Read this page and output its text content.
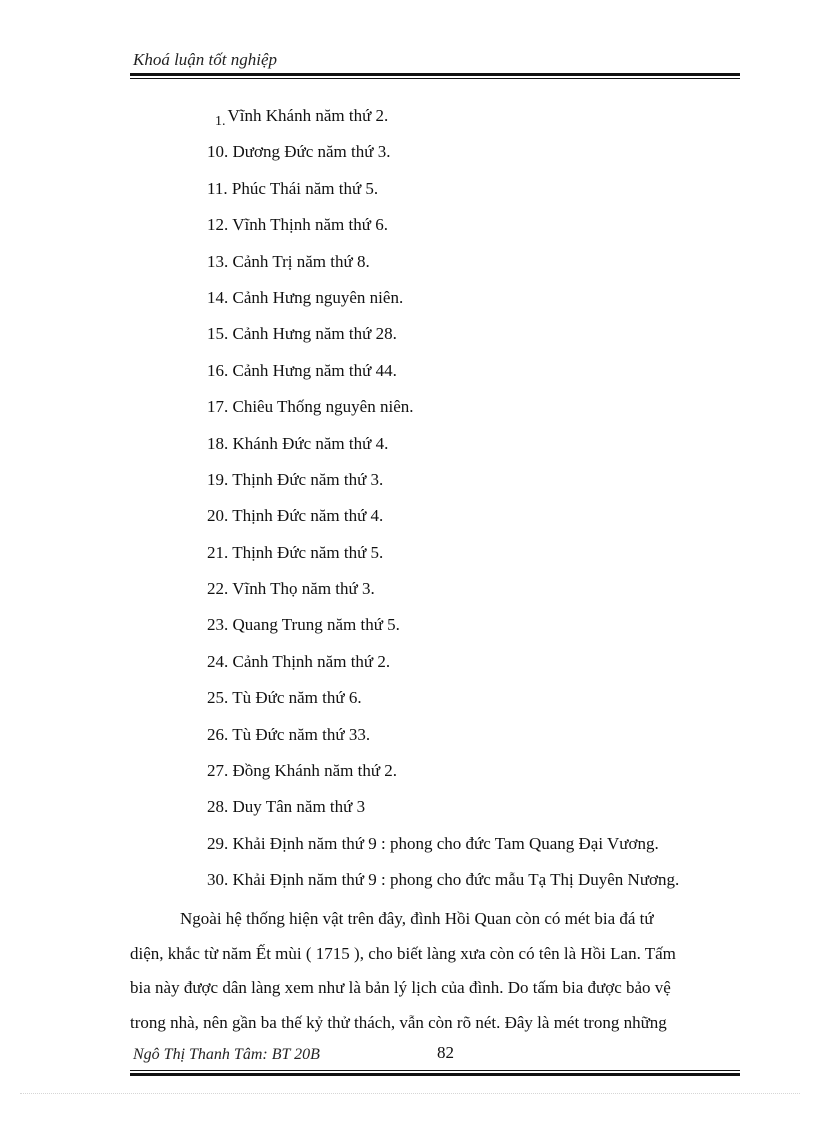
Khoá luận tốt nghiệp
1. Vĩnh Khánh năm thứ 2.
10. Dương Đức năm thứ 3.
11. Phúc Thái năm thứ 5.
12. Vĩnh Thịnh năm thứ 6.
13. Cảnh Trị năm thứ 8.
14. Cảnh Hưng nguyên niên.
15. Cảnh Hưng năm thứ 28.
16. Cảnh Hưng năm thứ 44.
17. Chiêu Thống nguyên niên.
18. Khánh Đức năm thứ 4.
19. Thịnh Đức năm thứ 3.
20. Thịnh Đức năm thứ 4.
21. Thịnh Đức năm thứ 5.
22. Vĩnh Thọ năm thứ 3.
23. Quang Trung năm thứ 5.
24. Cảnh Thịnh năm thứ 2.
25. Tù Đức năm thứ 6.
26. Tù Đức năm thứ 33.
27. Đồng Khánh năm thứ 2.
28. Duy Tân năm thứ 3
29. Khải Định năm thứ 9 : phong cho đức Tam Quang Đại Vương.
30. Khải Định năm thứ 9 : phong cho đức mẫu Tạ Thị Duyên Nương.

Ngoài hệ thống hiện vật trên đây, đình Hồi Quan còn có mét bia đá tứ
diện, khắc từ năm Ết mùi ( 1715 ), cho biết làng xưa còn có tên là Hồi Lan. Tấm
bia này được dân làng xem như là bản lý lịch của đình. Do tấm bia được bảo vệ
trong nhà, nên gần ba thế kỷ thử thách, vẫn còn rõ nét. Đây là mét trong những

Ngô Thị Thanh Tâm: BT 20B	82
